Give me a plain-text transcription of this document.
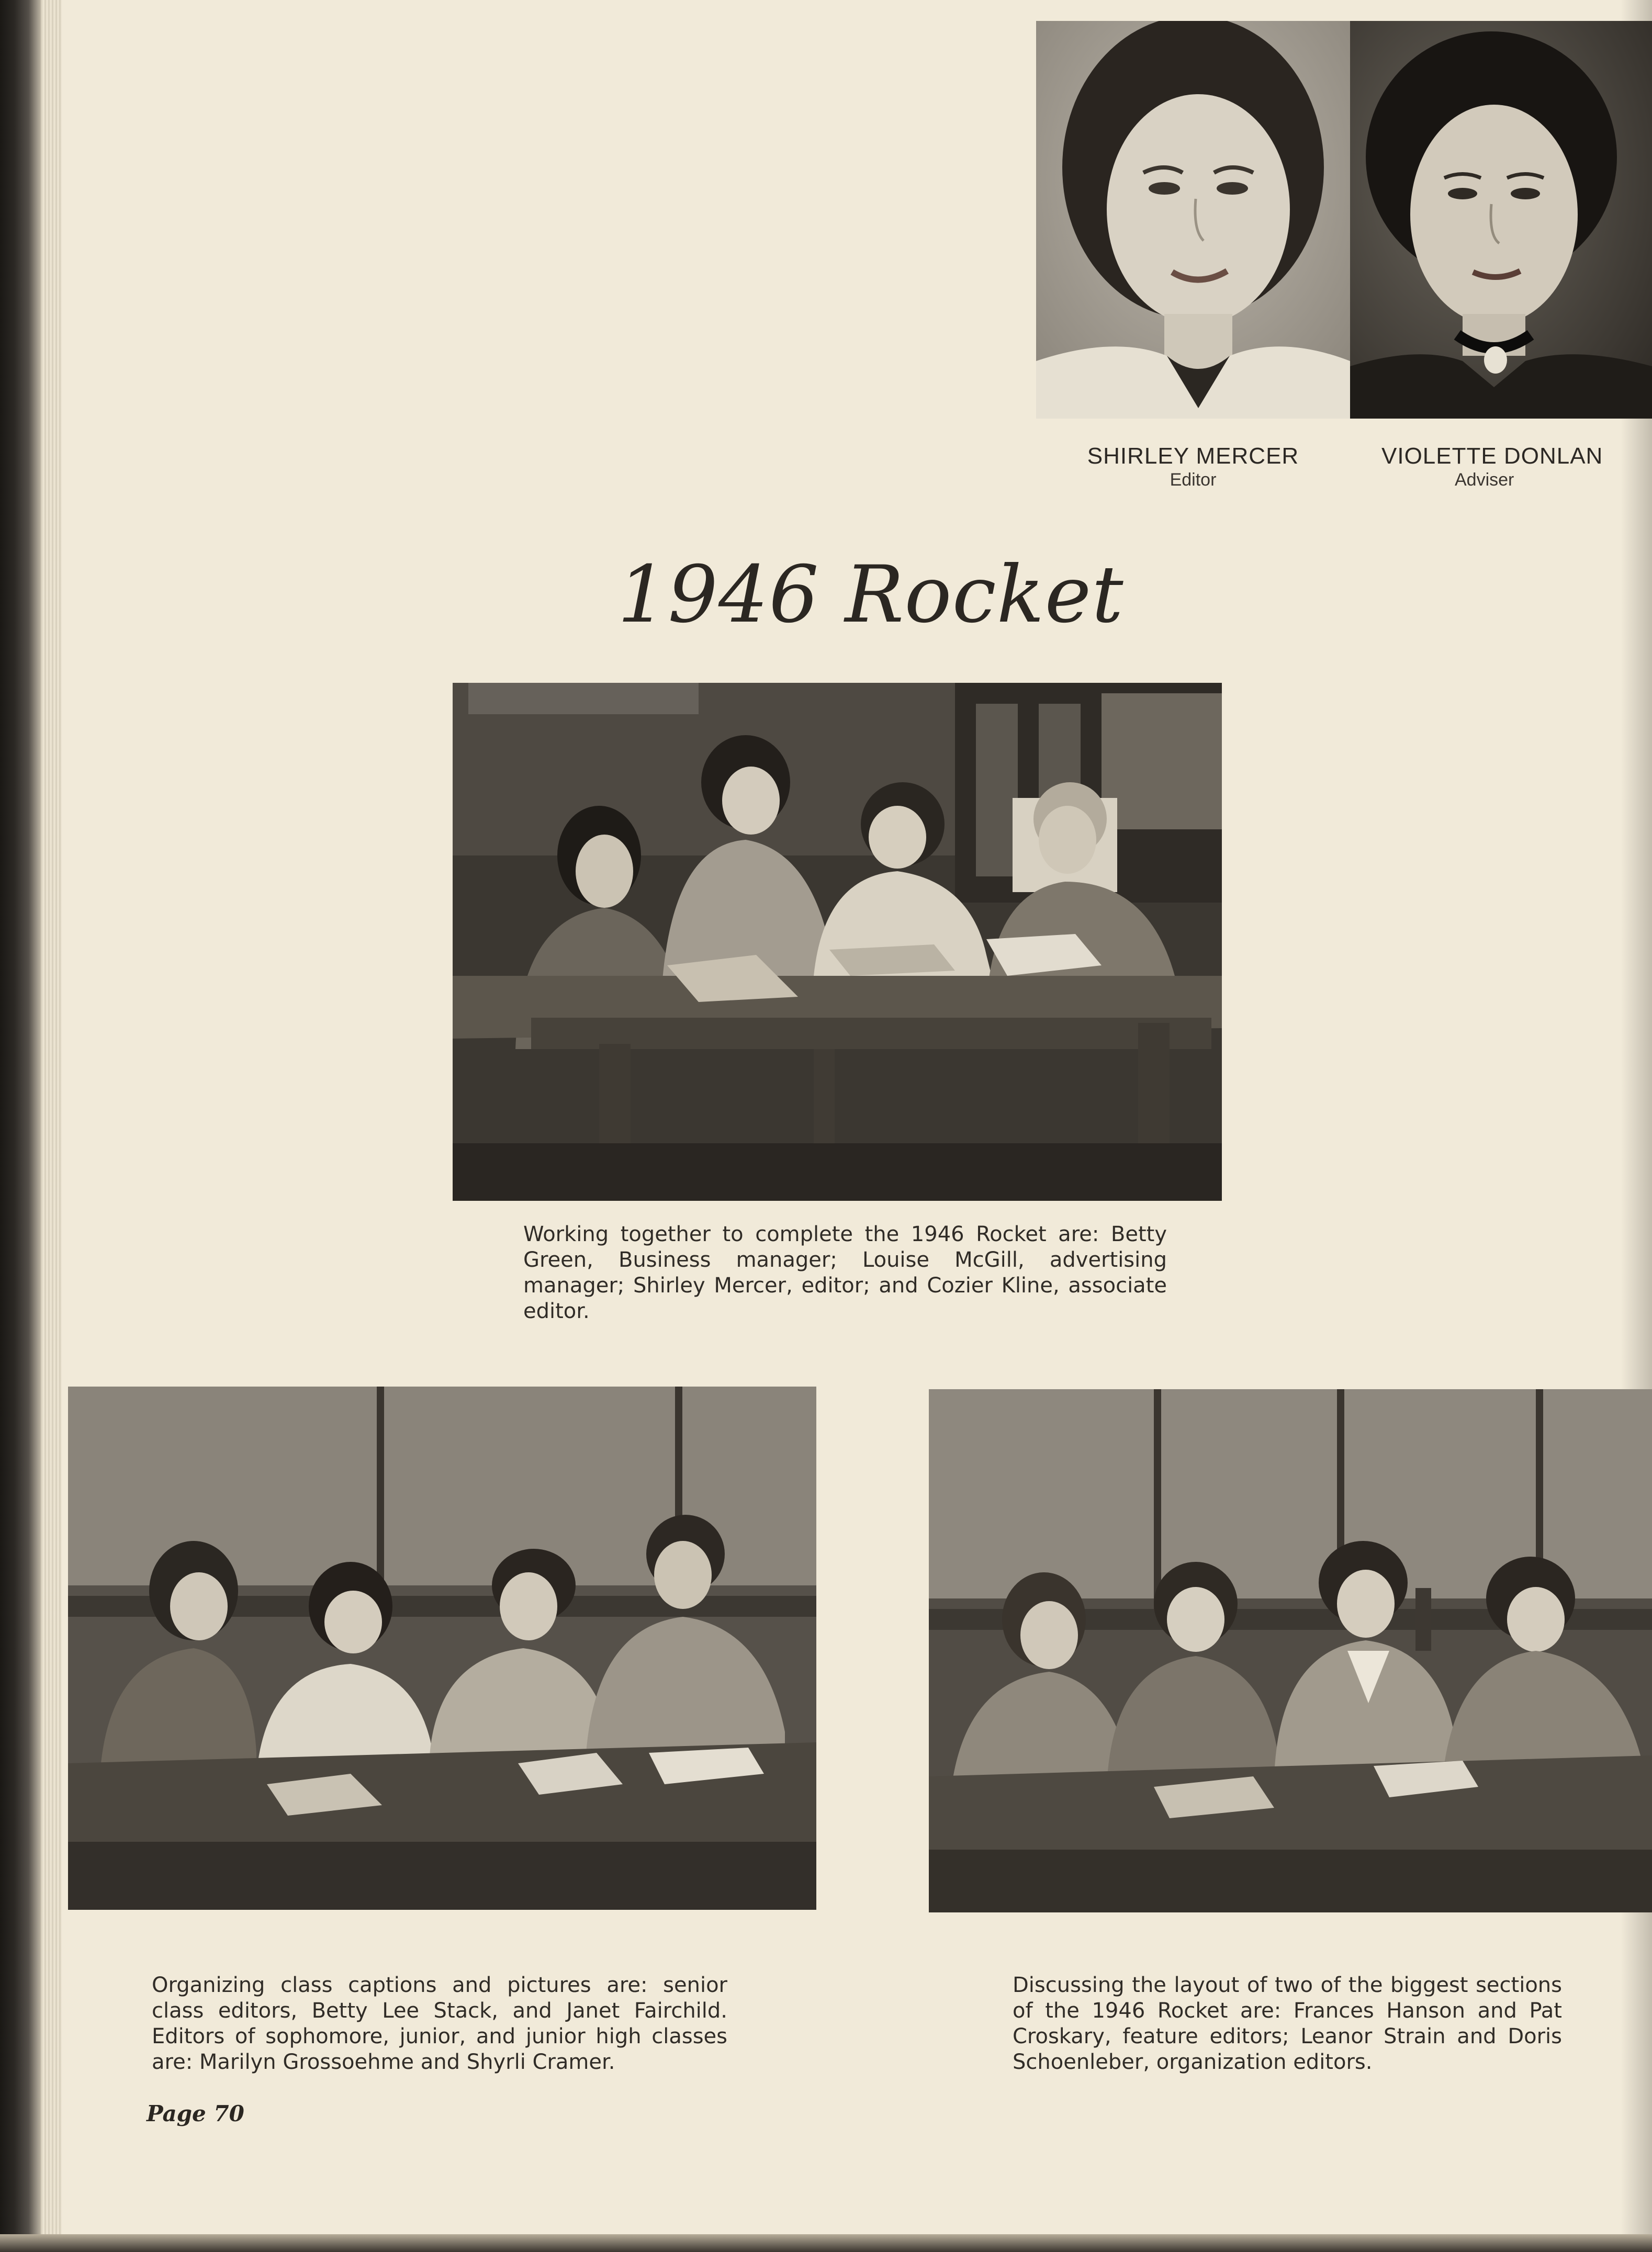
SHIRLEY MERCER
Editor
VIOLETTE DONLAN
Adviser
1946 Rocket
Working together to complete the 1946 Rocket are: Betty Green, Business manager; Louise McGill, advertising manager; Shirley Mercer, editor; and Cozier Kline, associate editor.
Organizing class captions and pictures are: senior class editors, Betty Lee Stack, and Janet Fairchild. Editors of sophomore, junior, and junior high classes are: Marilyn Grossoehme and Shyrli Cramer.
Discussing the layout of two of the biggest sections of the 1946 Rocket are: Frances Hanson and Pat Croskary, feature editors; Leanor Strain and Doris Schoenleber, organization editors.
Page 70
